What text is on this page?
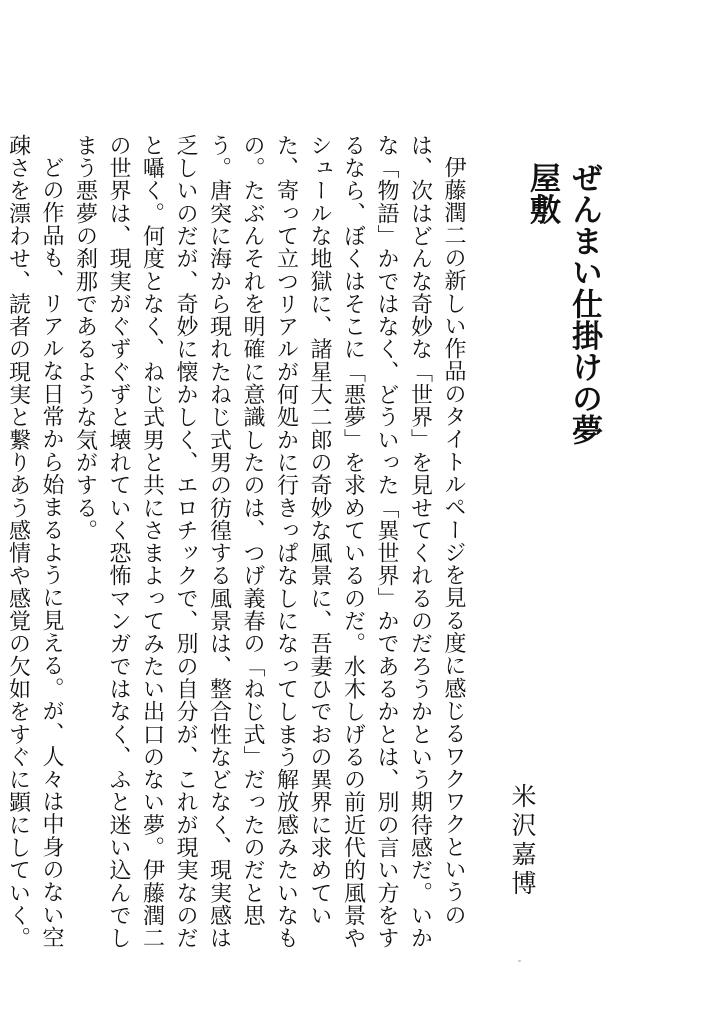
ぜんまい仕掛けの夢屋敷
米沢嘉博

伊藤潤二の新しい作品のタイトルページを見る度に感じるワクワクというのは、次はどんな奇妙な「世界」を見せてくれるのだろうかという期待感だ。いかな「物語」かではなく、どういった「異世界」かであるかとは、別の言い方をするなら、ぼくはそこに「悪夢」を求めているのだ。水木しげるの前近代的風景やシュールな地獄に、諸星大二郎の奇妙な風景に、吾妻ひでおの異界に求めていた、寄って立つリアルが何処かに行きっぱなしになってしまう解放感みたいなもの。たぶんそれを明確に意識したのは、つげ義春の「ねじ式」だったのだと思う。唐突に海から現れたねじ式男の彷徨する風景は、整合性などなく、現実感は乏しいのだが、奇妙に懐かしく、エロチックで、別の自分が、これが現実なのだと囁く。何度となく、ねじ式男と共にさまよってみたい出口のない夢。伊藤潤二の世界は、現実がぐずぐずと壊れていく恐怖マンガではなく、ふと迷い込んでしまう悪夢の刹那であるような気がする。

どの作品も、リアルな日常から始まるように見える。が、人々は中身のない空疎さを漂わせ、読者の現実と繋りあう感情や感覚の欠如をすぐに顕にしていく。
